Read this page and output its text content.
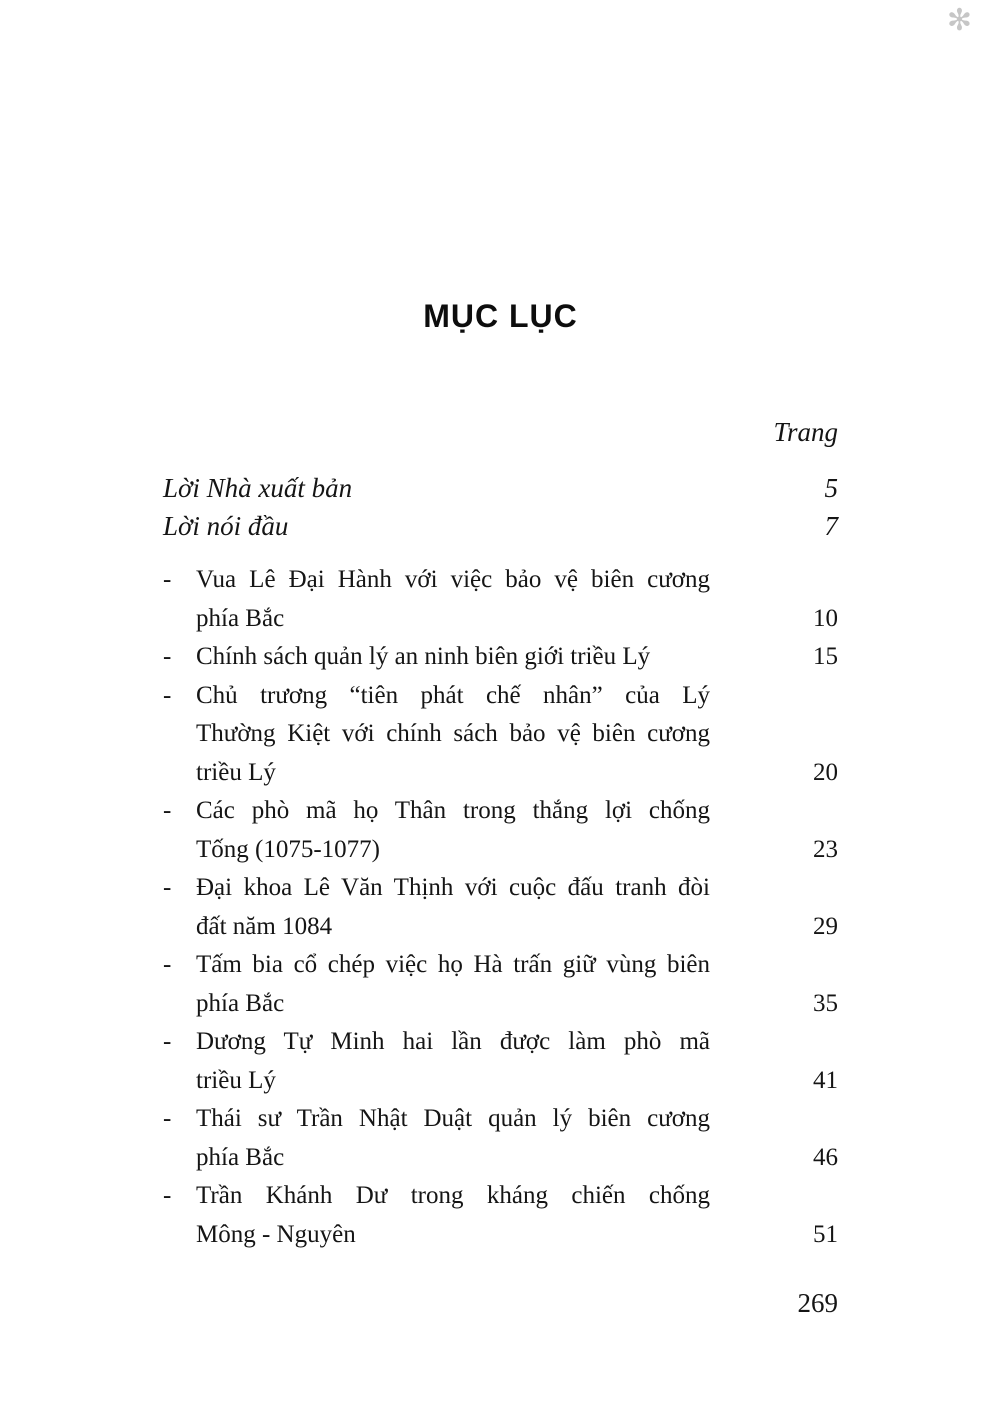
✻
MỤC LỤC
Trang
Lời Nhà xuất bản	5
Lời nói đầu	7
- Vua Lê Đại Hành với việc bảo vệ biên cương
phía Bắc	10
- Chính sách quản lý an ninh biên giới triều Lý	15
- Chủ trương “tiên phát chế nhân” của Lý
Thường Kiệt với chính sách bảo vệ biên cương
triều Lý	20
- Các phò mã họ Thân trong thắng lợi chống
Tống (1075-1077)	23
- Đại khoa Lê Văn Thịnh với cuộc đấu tranh đòi
đất năm 1084	29
- Tấm bia cổ chép việc họ Hà trấn giữ vùng biên
phía Bắc	35
- Dương Tự Minh hai lần được làm phò mã
triều Lý	41
- Thái sư Trần Nhật Duật quản lý biên cương
phía Bắc	46
- Trần Khánh Dư trong kháng chiến chống
Mông - Nguyên	51
269
